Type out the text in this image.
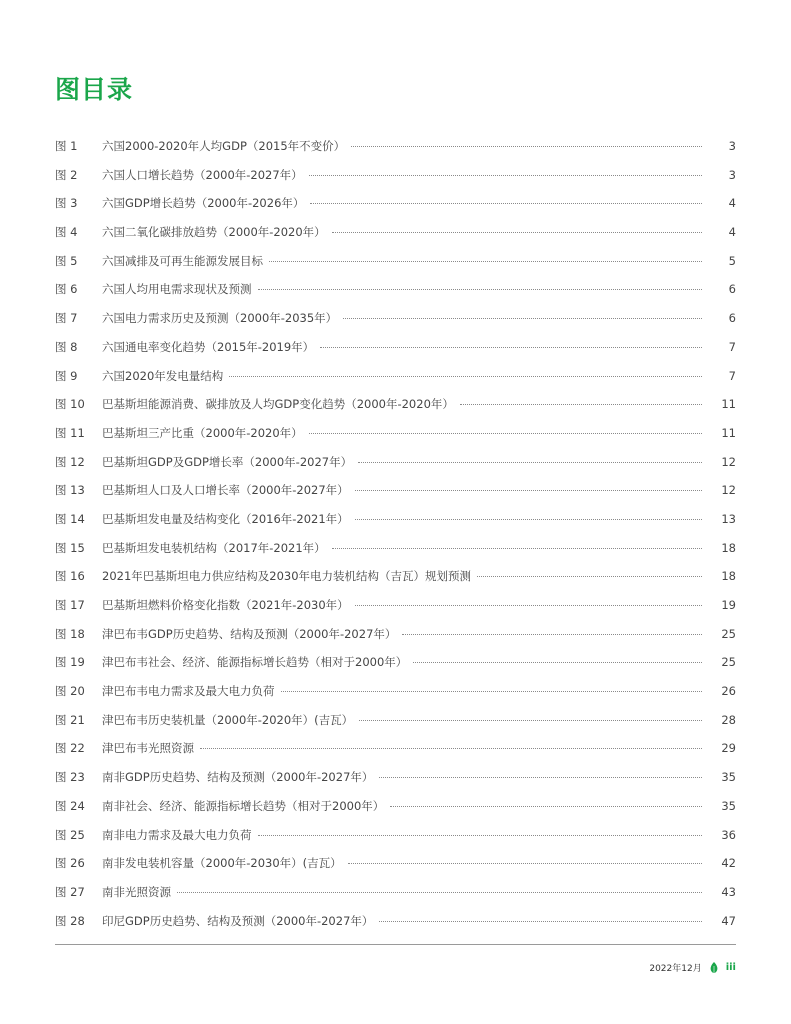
图目录
图 1	六国2000-2020年人均GDP（2015年不变价）	3
图 2	六国人口增长趋势（2000年-2027年）	3
图 3	六国GDP增长趋势（2000年-2026年）	4
图 4	六国二氧化碳排放趋势（2000年-2020年）	4
图 5	六国减排及可再生能源发展目标	5
图 6	六国人均用电需求现状及预测	6
图 7	六国电力需求历史及预测（2000年-2035年）	6
图 8	六国通电率变化趋势（2015年-2019年）	7
图 9	六国2020年发电量结构	7
图 10	巴基斯坦能源消费、碳排放及人均GDP变化趋势（2000年-2020年）	11
图 11	巴基斯坦三产比重（2000年-2020年）	11
图 12	巴基斯坦GDP及GDP增长率（2000年-2027年）	12
图 13	巴基斯坦人口及人口增长率（2000年-2027年）	12
图 14	巴基斯坦发电量及结构变化（2016年-2021年）	13
图 15	巴基斯坦发电装机结构（2017年-2021年）	18
图 16	2021年巴基斯坦电力供应结构及2030年电力装机结构（吉瓦）规划预测	18
图 17	巴基斯坦燃料价格变化指数（2021年-2030年）	19
图 18	津巴布韦GDP历史趋势、结构及预测（2000年-2027年）	25
图 19	津巴布韦社会、经济、能源指标增长趋势（相对于2000年）	25
图 20	津巴布韦电力需求及最大电力负荷	26
图 21	津巴布韦历史装机量（2000年-2020年）(吉瓦）	28
图 22	津巴布韦光照资源	29
图 23	南非GDP历史趋势、结构及预测（2000年-2027年）	35
图 24	南非社会、经济、能源指标增长趋势（相对于2000年）	35
图 25	南非电力需求及最大电力负荷	36
图 26	南非发电装机容量（2000年-2030年）(吉瓦）	42
图 27	南非光照资源	43
图 28	印尼GDP历史趋势、结构及预测（2000年-2027年）	47
2022年12月 iii
